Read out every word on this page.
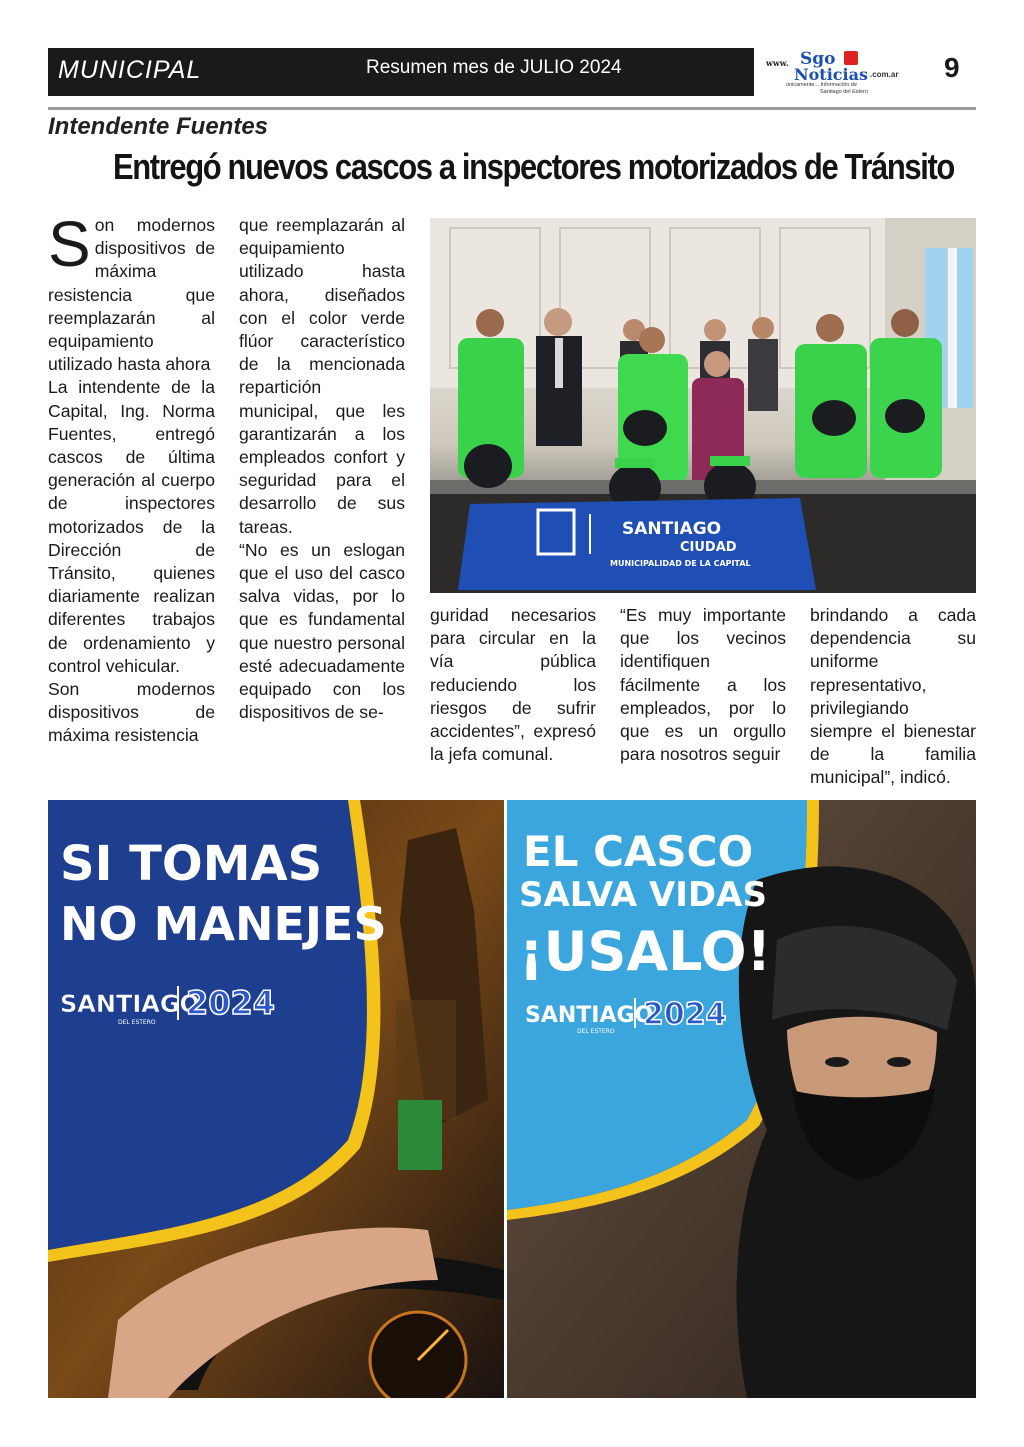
MUNICIPAL	Resumen mes de JULIO 2024	www. Sgo
Noticias .com.ar
únicamente... Información de
Santiago del Estero
9
Intendente Fuentes
Entregó nuevos cascos a inspectores motorizados de Tránsito
S on modernos dispositivos de máxima resistencia que reemplazarán al equipamiento utilizado hasta ahora

La intendente de la Capital, Ing. Norma Fuentes, entregó cascos de última generación al cuerpo de inspectores motorizados de la Dirección de Tránsito, quienes diariamente realizan diferentes trabajos de ordenamiento y control vehicular.

Son modernos dispositivos de máxima resistencia

que reemplazarán al equipamiento utilizado hasta ahora, diseñados con el color verde flúor característico de la mencionada repartición municipal, que les garantizarán a los empleados confort y seguridad para el desarrollo de sus tareas.

“No es un eslogan que el uso del casco salva vidas, por lo que es fundamental que nuestro personal esté adecuadamente equipado con los dispositivos de se-

guridad necesarios para circular en la vía pública reduciendo los riesgos de sufrir accidentes”, expresó la jefa comunal.

“Es muy importante que los vecinos identifiquen fácilmente a los empleados, por lo que es un orgullo para nosotros seguir

brindando a cada dependencia su uniforme representativo, privilegiando siempre el bienestar de la familia municipal”, indicó.

SANTIAGO
CIUDAD
MUNICIPALIDAD DE LA CAPITAL
SI TOMAS
NO MANEJES
SANTIAGO
DEL ESTERO
2024
EL CASCO
SALVA VIDAS
¡USALO!
SANTIAGO
DEL ESTERO 2024
